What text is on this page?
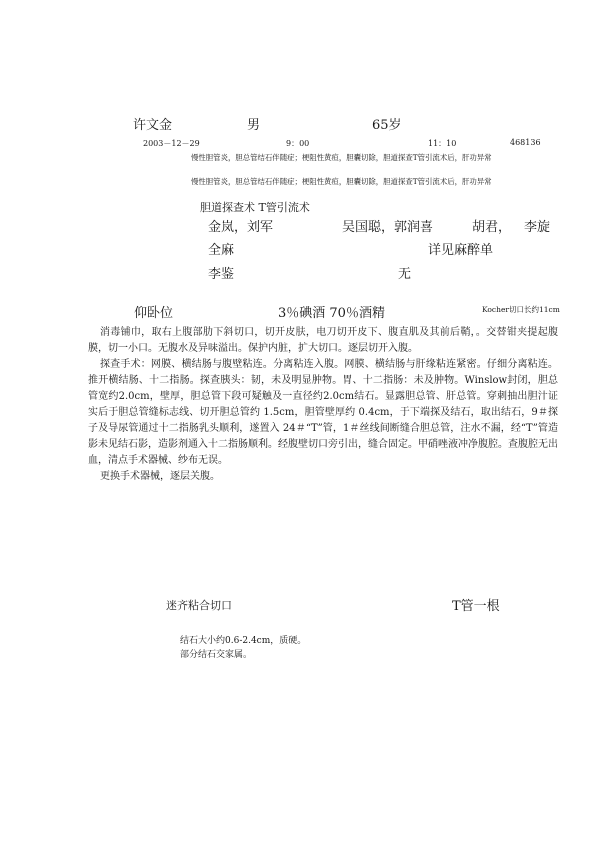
许文金	男	65岁
2003－12－29	9：00	11：10	468136
慢性胆管炎，胆总管结石伴随症；梗阻性黄疸，胆囊切除，胆道探查T管引流术后，肝功异常
慢性胆管炎，胆总管结石伴随症；梗阻性黄疸，胆囊切除，胆道探查T管引流术后，肝功异常
胆道探查术 T管引流术
金岚，刘军	吴国聪，郭润喜	胡君， 李旋
全麻	详见麻醉单
李鉴	无
仰卧位	3％碘酒 70％酒精	Kocher切口长约11cm

消毒铺巾，取右上腹部肋下斜切口，切开皮肤，电刀切开皮下、腹直肌及其前后鞘，。交替钳夹提起腹膜，切一小口。无腹水及异味溢出。保护内脏，扩大切口。逐层切开入腹。

探查手术：网膜、横结肠与腹壁粘连。分离粘连入腹。网膜、横结肠与肝缘粘连紧密。仔细分离粘连。推开横结肠、十二指肠。探查胰头：韧，未及明显肿物。胃、十二指肠：未及肿物。Winslow封闭，胆总管宽约2.0cm，壁厚，胆总管下段可疑触及一直径约2.0cm结石。显露胆总管、肝总管。穿刺抽出胆汁证实后于胆总管缝标志线、切开胆总管约 1.5cm，胆管壁厚约 0.4cm，于下端探及结石，取出结石，9＃探子及导尿管通过十二指肠乳头顺利，遂置入 24＃“T”管，1＃丝线间断缝合胆总管，注水不漏，经“T”管造影未见结石影，造影剂通入十二指肠顺利。经腹壁切口旁引出，缝合固定。甲硝唑液冲净腹腔。查腹腔无出血，清点手术器械、纱布无误。

更换手术器械，逐层关腹。

迷齐粘合切口	T管一根
结石大小约0.6-2.4cm，质硬。
部分结石交家属。
